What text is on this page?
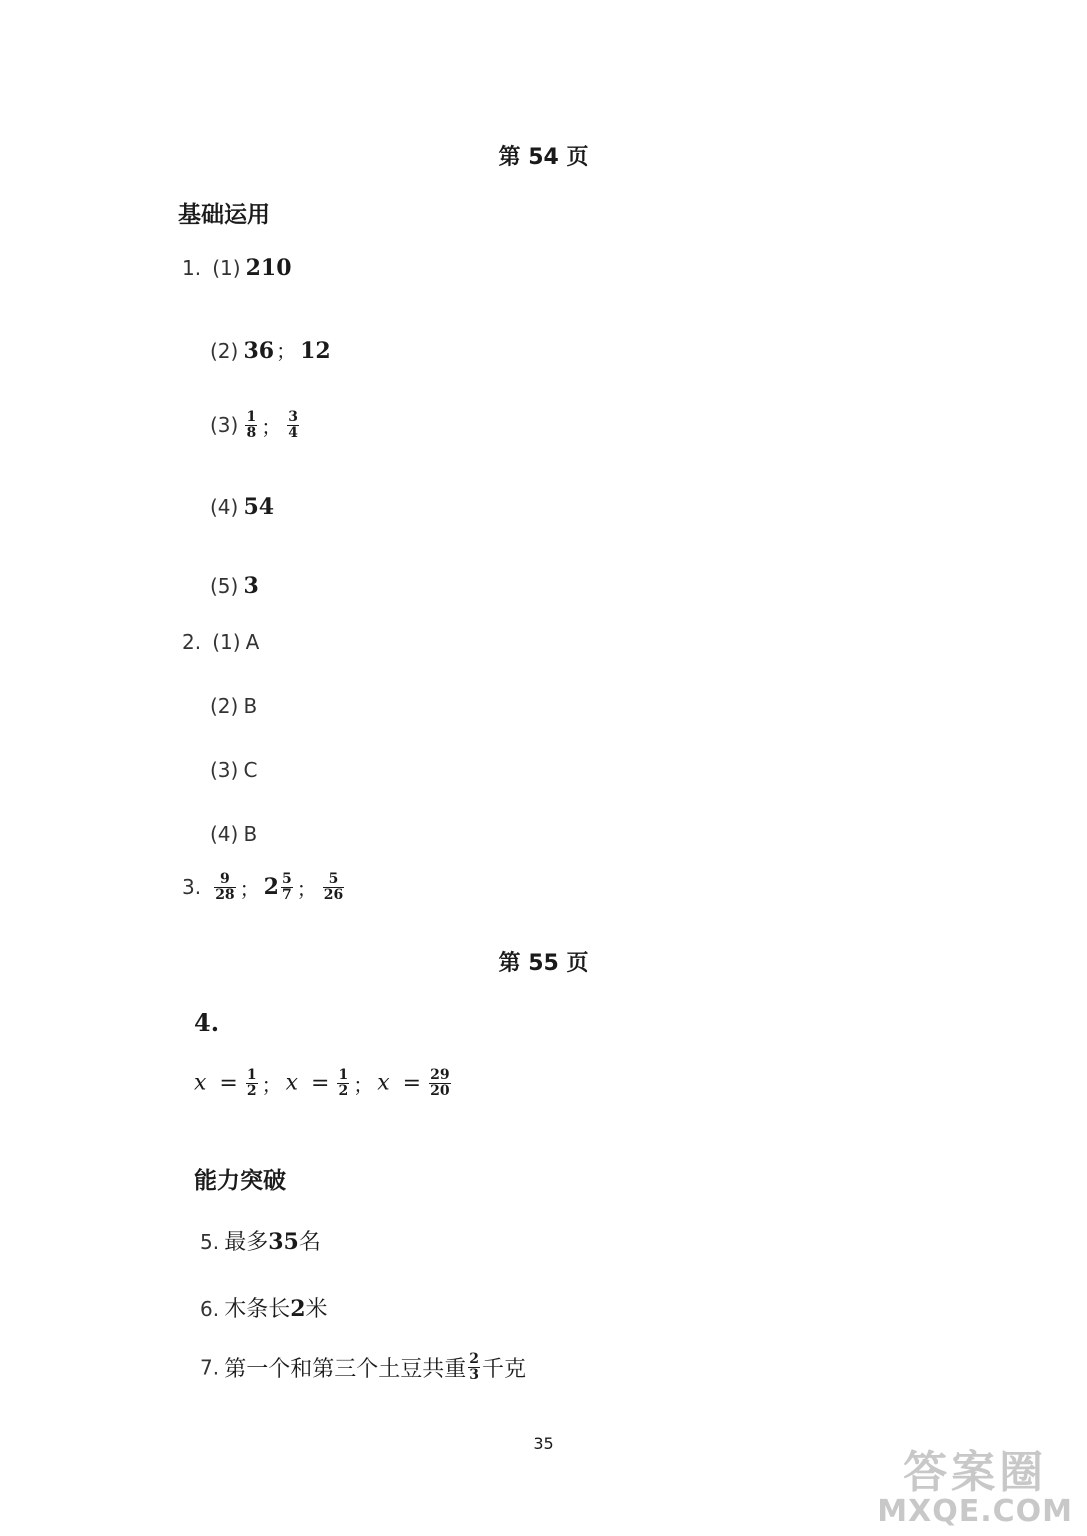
第 54 页
基础运用
1. (1) 210
(2) 36 ； 12
$(3) \frac{1}{8}$ ； $\frac{3}{4}$
(4) 54
(5) 3
2. (1) A
(2) B
(3) C
(4) B
3. $\frac{9}{28}$ ； $2 \frac{5}{7}$ ； $\frac{5}{26}$
第 55 页
4.
$x = \frac{1}{2}$ ； $x = \frac{1}{2}$ ； $x = \frac{29}{20}$
能力突破
5. 最多35名
6. 木条长2米
7. 第一个和第三个土豆共重 $\frac{2}{3}$ 千克
35
答案圈
MXQE.COM
